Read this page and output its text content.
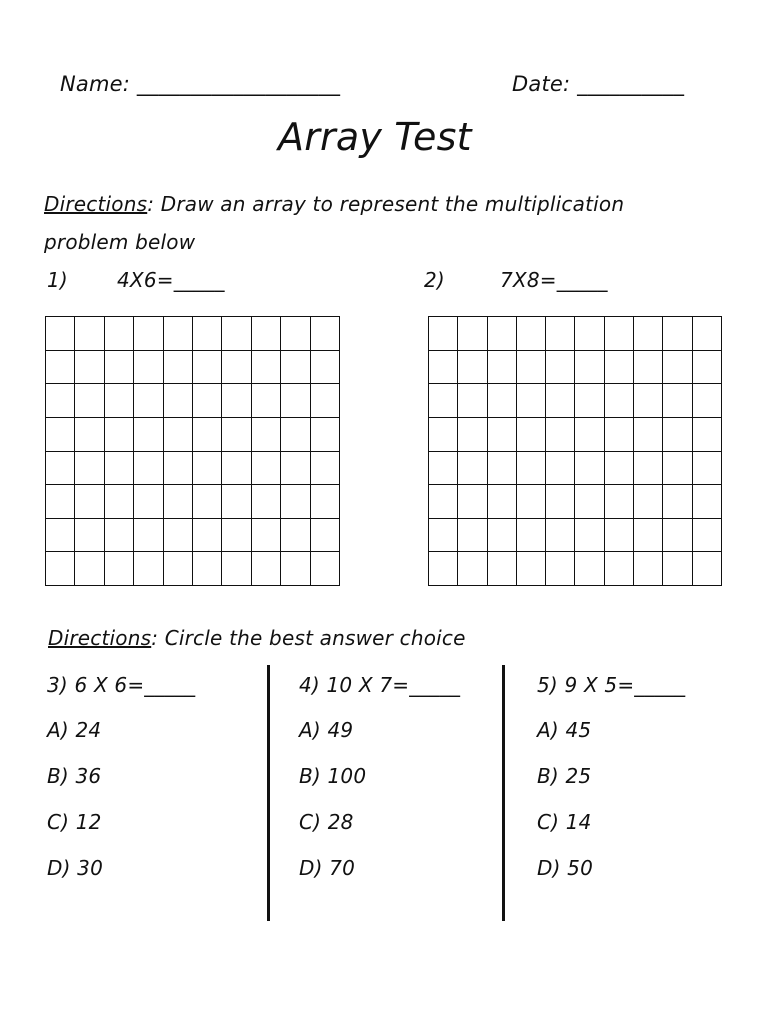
Name: ___________________	Date: __________
Array Test
Directions: Draw an array to represent the multiplication
problem below
1) 4X6=_____	2)	7X8=_____

Directions: Circle the best answer choice
3) 6 X 6=_____
A) 24
B) 36
C) 12
D) 30
4) 10 X 7=_____
A) 49
B) 100
C) 28
D) 70
5) 9 X 5=_____
A) 45
B) 25
C) 14
D) 50
